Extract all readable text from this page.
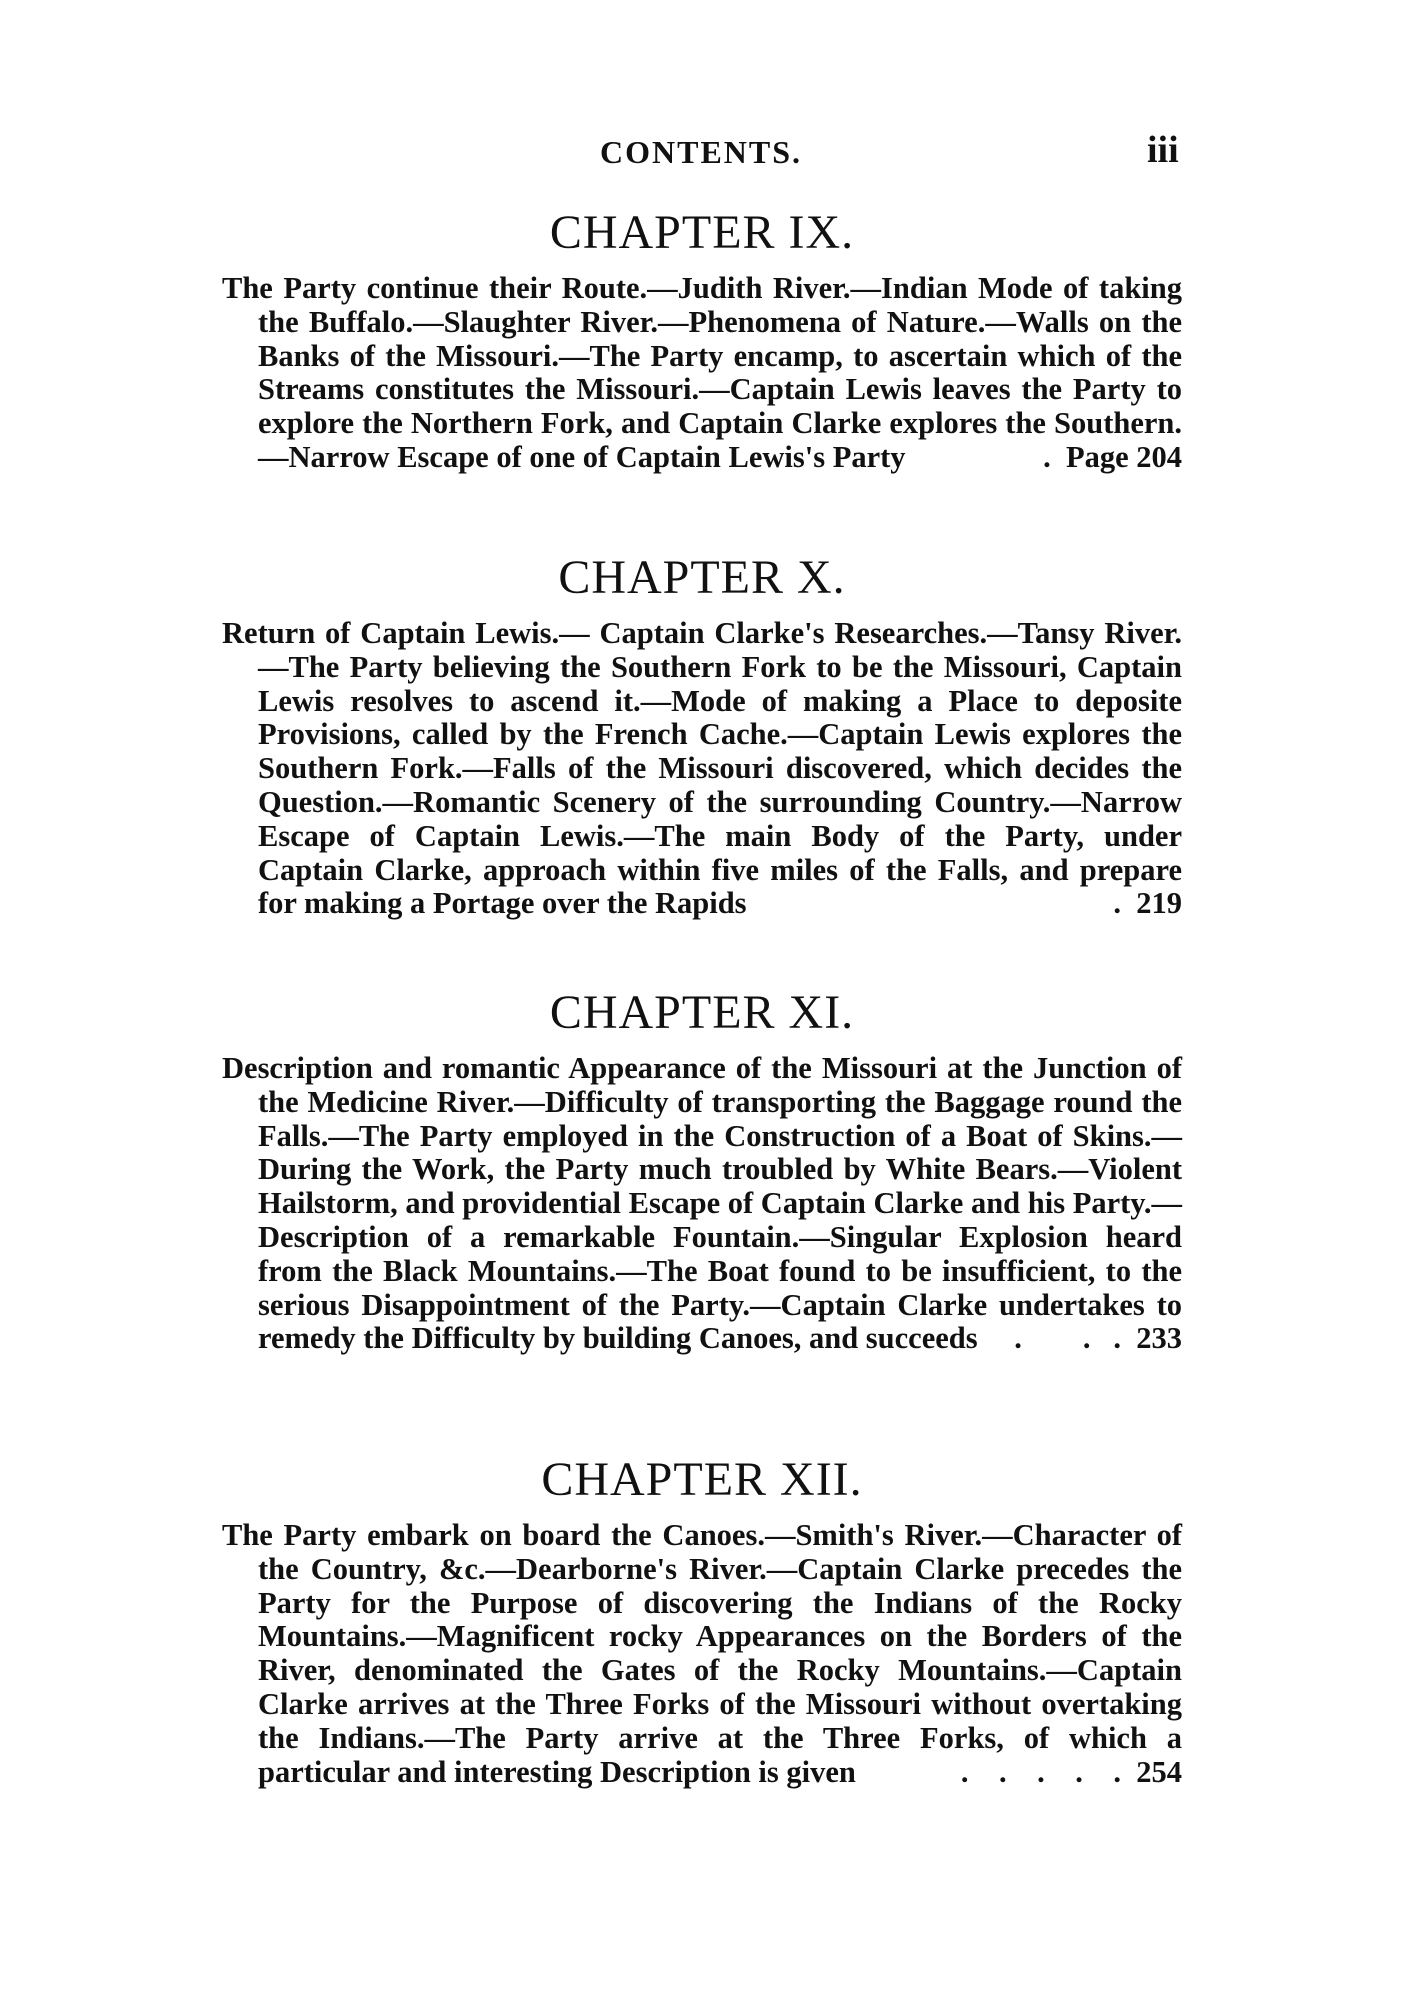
CONTENTS.	iii
CHAPTER IX.

The Party continue their Route.—Judith River.—Indian Mode of taking the Buffalo.—Slaughter River.—Phenomena of Nature.—Walls on the Banks of the Missouri.—The Party encamp, to ascertain which of the Streams constitutes the Missouri.—Captain Lewis leaves the Party to explore the Northern Fork, and Captain Clarke explores the Southern.—Narrow Escape of one of Captain Lewis's Party	.  Page 204

CHAPTER X.

Return of Captain Lewis.— Captain Clarke's Researches.—Tansy River.—The Party believing the Southern Fork to be the Missouri, Captain Lewis resolves to ascend it.—Mode of making a Place to deposite Provisions, called by the French Cache.—Captain Lewis explores the Southern Fork.—Falls of the Missouri discovered, which decides the Question.—Romantic Scenery of the surrounding Country.—Narrow Escape of Captain Lewis.—The main Body of the Party, under Captain Clarke, approach within five miles of the Falls, and prepare for making a Portage over the Rapids	.  219

CHAPTER XI.

Description and romantic Appearance of the Missouri at the Junction of the Medicine River.—Difficulty of transporting the Baggage round the Falls.—The Party employed in the Construction of a Boat of Skins.—During the Work, the Party much troubled by White Bears.—Violent Hailstorm, and providential Escape of Captain Clarke and his Party.—Description of a remarkable Fountain.—Singular Explosion heard from the Black Mountains.—The Boat found to be insufficient, to the serious Disappointment of the Party.—Captain Clarke undertakes to remedy the Difficulty by building Canoes, and succeeds .        .   .  233

CHAPTER XII.

The Party embark on board the Canoes.—Smith's River.—Character of the Country, &c.—Dearborne's River.—Captain Clarke precedes the Party for the Purpose of discovering the Indians of the Rocky Mountains.—Magnificent rocky Appearances on the Borders of the River, denominated the Gates of the Rocky Mountains.—Captain Clarke arrives at the Three Forks of the Missouri without overtaking the Indians.—The Party arrive at the Three Forks, of which a particular and interesting Description is given	.    .    .    .    .  254
